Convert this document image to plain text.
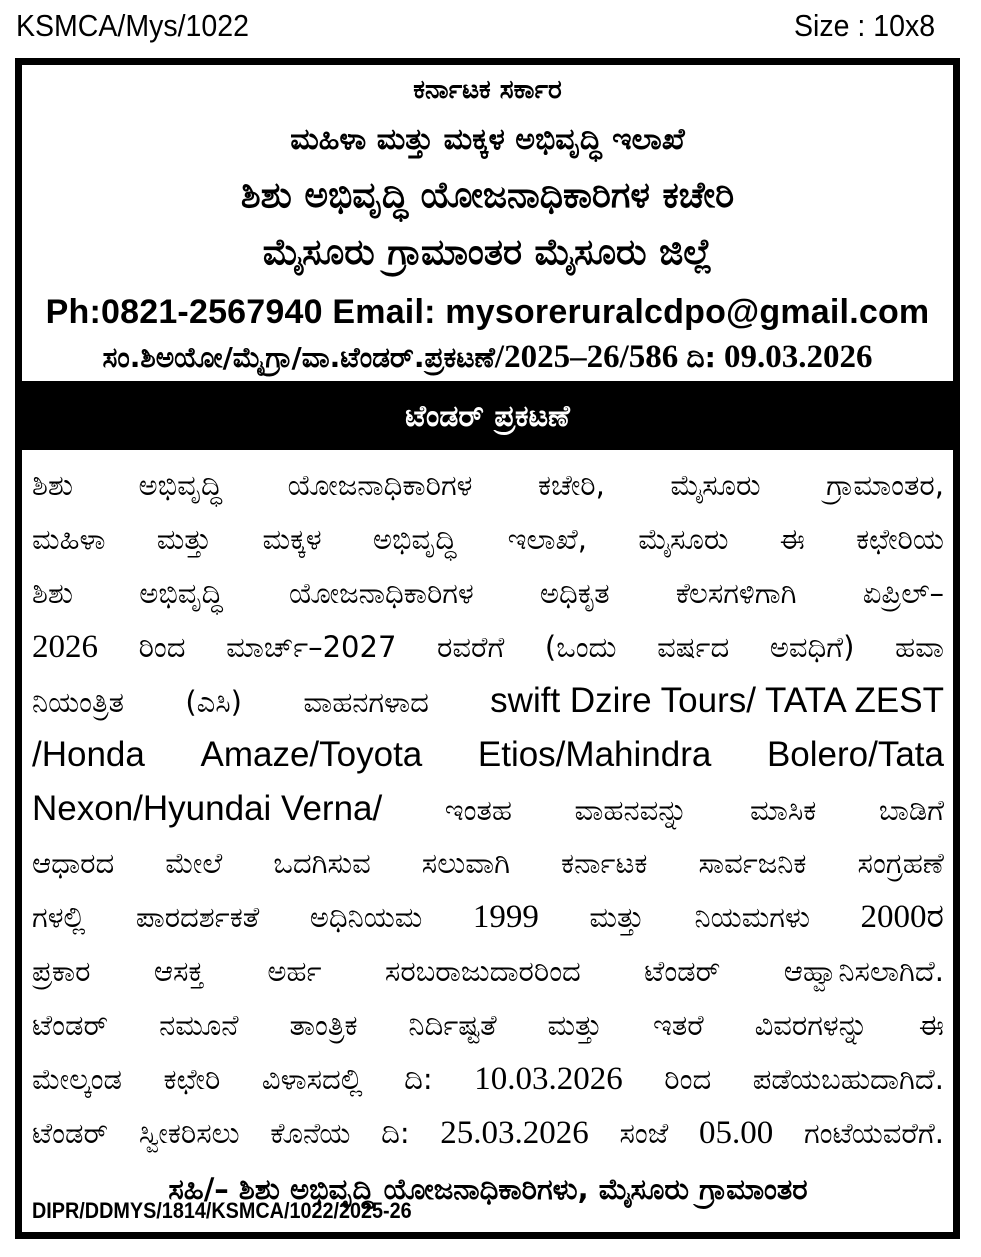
KSMCA/Mys/1022	Size : 10x8
ಕರ್ನಾಟಕ ಸರ್ಕಾರ
ಮಹಿಳಾ ಮತ್ತು ಮಕ್ಕಳ ಅಭಿವೃದ್ಧಿ ಇಲಾಖೆ
ಶಿಶು ಅಭಿವೃದ್ಧಿ ಯೋಜನಾಧಿಕಾರಿಗಳ ಕಚೇರಿ
ಮೈಸೂರು ಗ್ರಾಮಾಂತರ ಮೈಸೂರು ಜಿಲ್ಲೆ
Ph:0821-2567940 Email: mysoreruralcdpo@gmail.com
ಸಂ.ಶಿಅಯೋ/ಮೈಗ್ರಾ/ವಾ.ಟೆಂಡರ್.ಪ್ರಕಟಣೆ/2025–26/586 ದಿ: 09.03.2026
ಟೆಂಡರ್ ಪ್ರಕಟಣೆ
ಶಿಶು ಅಭಿವೃದ್ಧಿ ಯೋಜನಾಧಿಕಾರಿಗಳ ಕಚೇರಿ, ಮೈಸೂರು ಗ್ರಾಮಾಂತರ,
ಮಹಿಳಾ ಮತ್ತು ಮಕ್ಕಳ ಅಭಿವೃದ್ಧಿ ಇಲಾಖೆ, ಮೈಸೂರು ಈ ಕಛೇರಿಯ
ಶಿಶು ಅಭಿವೃದ್ಧಿ ಯೋಜನಾಧಿಕಾರಿಗಳ ಅಧಿಕೃತ ಕೆಲಸಗಳಿಗಾಗಿ ಏಪ್ರಿಲ್–
2026 ರಿಂದ ಮಾರ್ಚ್–2027 ರವರೆಗೆ (ಒಂದು ವರ್ಷದ ಅವಧಿಗೆ) ಹವಾ
ನಿಯಂತ್ರಿತ (ಎಸಿ) ವಾಹನಗಳಾದ swift Dzire Tours/ TATA ZEST
/Honda Amaze/Toyota Etios/Mahindra Bolero/Tata
Nexon/Hyundai Verna/ ಇಂತಹ ವಾಹನವನ್ನು ಮಾಸಿಕ ಬಾಡಿಗೆ
ಆಧಾರದ ಮೇಲೆ ಒದಗಿಸುವ ಸಲುವಾಗಿ ಕರ್ನಾಟಕ ಸಾರ್ವಜನಿಕ ಸಂಗ್ರಹಣೆ
ಗಳಲ್ಲಿ ಪಾರದರ್ಶಕತೆ ಅಧಿನಿಯಮ 1999 ಮತ್ತು ನಿಯಮಗಳು 2000ರ
ಪ್ರಕಾರ ಆಸಕ್ತ ಅರ್ಹ ಸರಬರಾಜುದಾರರಿಂದ ಟೆಂಡರ್ ಆಹ್ವಾನಿಸಲಾಗಿದೆ.
ಟೆಂಡರ್ ನಮೂನೆ ತಾಂತ್ರಿಕ ನಿರ್ದಿಷ್ಟತೆ ಮತ್ತು ಇತರೆ ವಿವರಗಳನ್ನು ಈ
ಮೇಲ್ಕಂಡ ಕಛೇರಿ ವಿಳಾಸದಲ್ಲಿ ದಿ: 10.03.2026 ರಿಂದ ಪಡೆಯಬಹುದಾಗಿದೆ.
ಟೆಂಡರ್ ಸ್ವೀಕರಿಸಲು ಕೊನೆಯ ದಿ: 25.03.2026 ಸಂಜೆ 05.00 ಗಂಟೆಯವರೆಗೆ.
ಸಹಿ/– ಶಿಶು ಅಭಿವೃದ್ಧಿ ಯೋಜನಾಧಿಕಾರಿಗಳು, ಮೈಸೂರು ಗ್ರಾಮಾಂತರ
DIPR/DDMYS/1814/KSMCA/1022/2025-26
